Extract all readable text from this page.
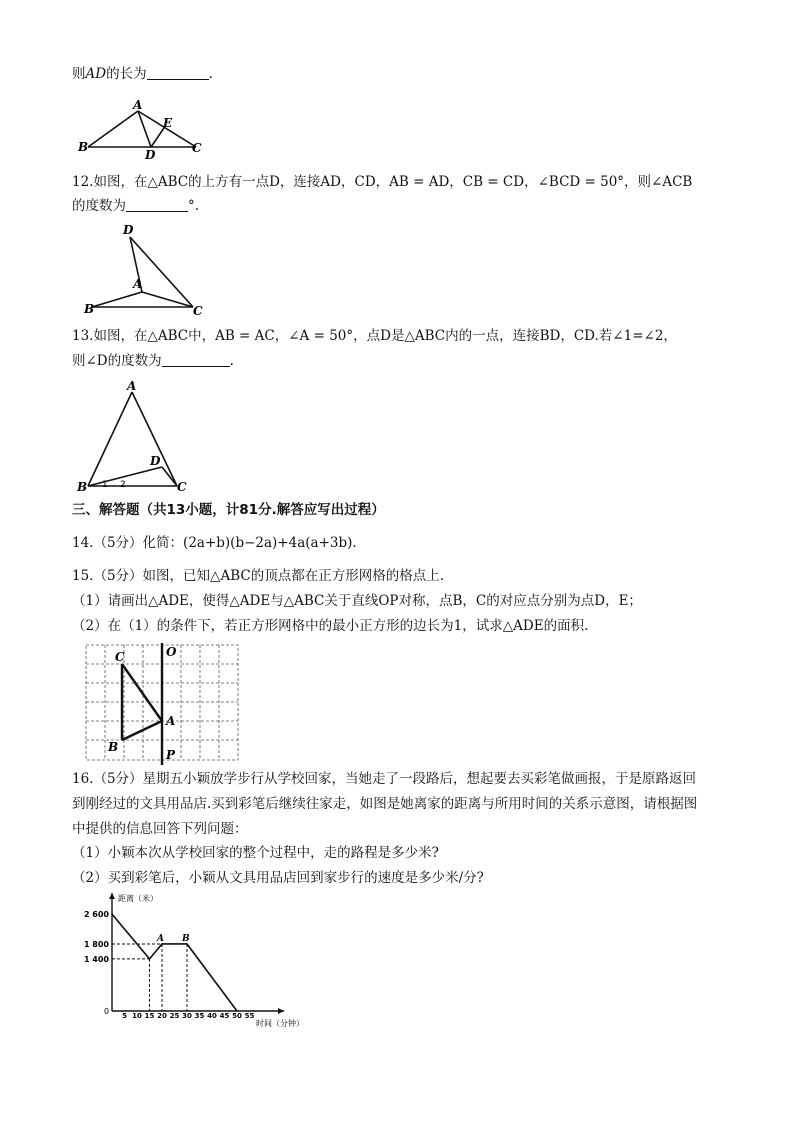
则AD的长为	.
A
B	C
D
E
12.如图，在△ABC的上方有一点D，连接AD，CD，AB = AD，CB = CD，∠BCD = 50°，则∠ACB
的度数为	°.
D
A
B	C
13.如图，在△ABC中，AB = AC，∠A = 50°，点D是△ABC内的一点，连接BD，CD.若∠1=∠2，
则∠D的度数为	.
A
D
B	C
1 2
三、解答题（共13小题，计81分.解答应写出过程）
14.（5分）化简：(2a+b)(b−2a)+4a(a+3b).
15.（5分）如图，已知△ABC的顶点都在正方形网格的格点上.
（1）请画出△ADE，使得△ADE与△ABC关于直线OP对称，点B，C的对应点分别为点D，E；
（2）在（1）的条件下，若正方形网格中的最小正方形的边长为1，试求△ADE的面积.
C	O
A
B
P
16.（5分）星期五小颖放学步行从学校回家，当她走了一段路后，想起要去买彩笔做画报，于是原路返回
到刚经过的文具用品店.买到彩笔后继续往家走，如图是她离家的距离与所用时间的关系示意图，请根据图
中提供的信息回答下列问题：
（1）小颖本次从学校回家的整个过程中，走的路程是多少米?
（2）买到彩笔后，小颖从文具用品店回到家步行的速度是多少米/分?
距离（米）
时间（分钟）
0
1 400
1 800
2 600
5 10 15 20 25 30 35 40 45 50 55
A B
